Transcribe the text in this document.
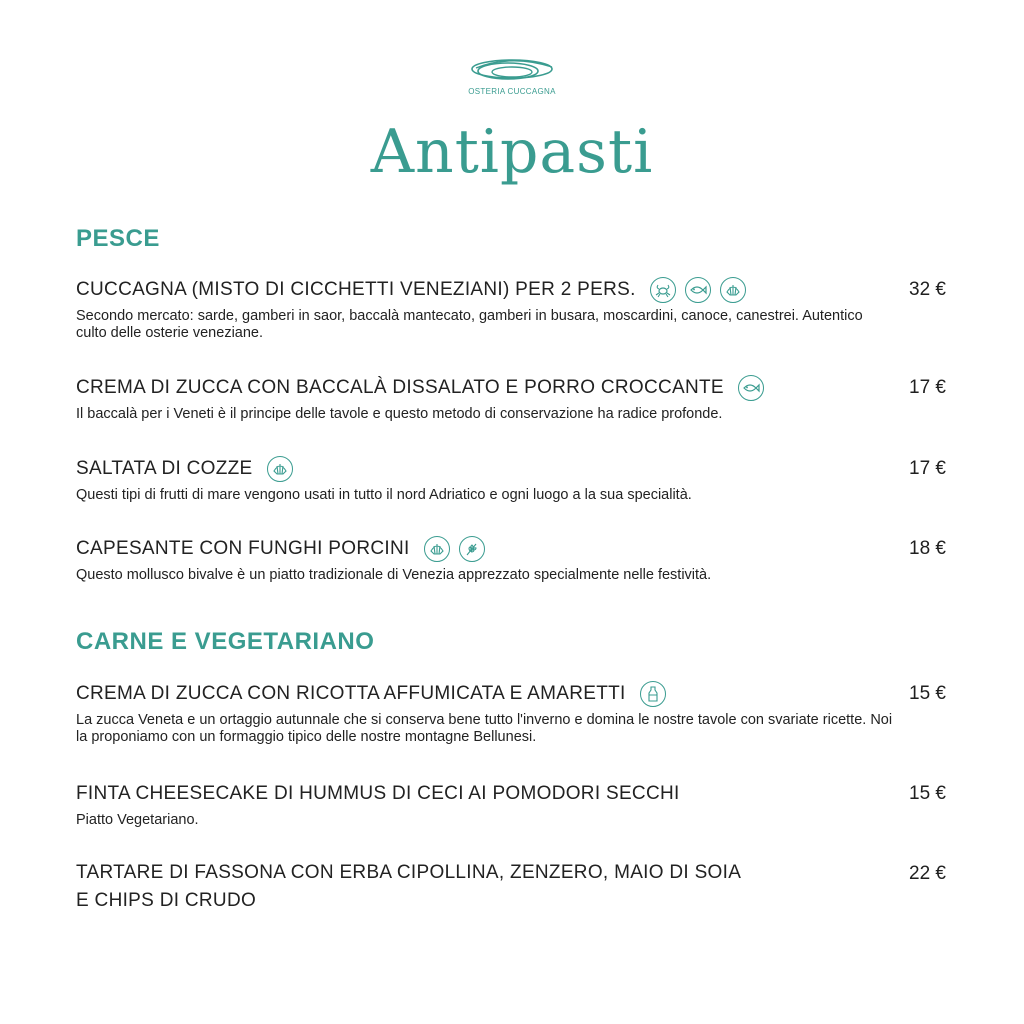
OSTERIA CUCCAGNA
Antipasti
PESCE
CUCCAGNA (MISTO DI CICCHETTI VENEZIANI) PER 2 PERS.	32 €
Secondo mercato: sarde, gamberi in saor, baccalà mantecato, gamberi in busara, moscardini, canoce, canestrei. Autentico culto delle osterie veneziane.
CREMA DI ZUCCA CON BACCALÀ DISSALATO E PORRO CROCCANTE	17 €
Il baccalà per i Veneti è il principe delle tavole e questo metodo di conservazione ha radice profonde.
SALTATA DI COZZE	17 €
Questi tipi di frutti di mare vengono usati in tutto il nord Adriatico e ogni luogo a la sua specialità.
CAPESANTE CON FUNGHI PORCINI	18 €
Questo mollusco bivalve è un piatto tradizionale di Venezia apprezzato specialmente nelle festività.
CARNE E VEGETARIANO
CREMA DI ZUCCA CON RICOTTA AFFUMICATA E AMARETTI	15 €
La zucca Veneta e un ortaggio autunnale che si conserva bene tutto l'inverno e domina le nostre tavole con svariate ricette. Noi la proponiamo con un formaggio tipico delle nostre montagne Bellunesi.
FINTA CHEESECAKE DI HUMMUS DI CECI AI POMODORI SECCHI	15 €
Piatto Vegetariano.
TARTARE DI FASSONA CON ERBA CIPOLLINA, ZENZERO, MAIO DI SOIA
E CHIPS DI CRUDO
22 €
